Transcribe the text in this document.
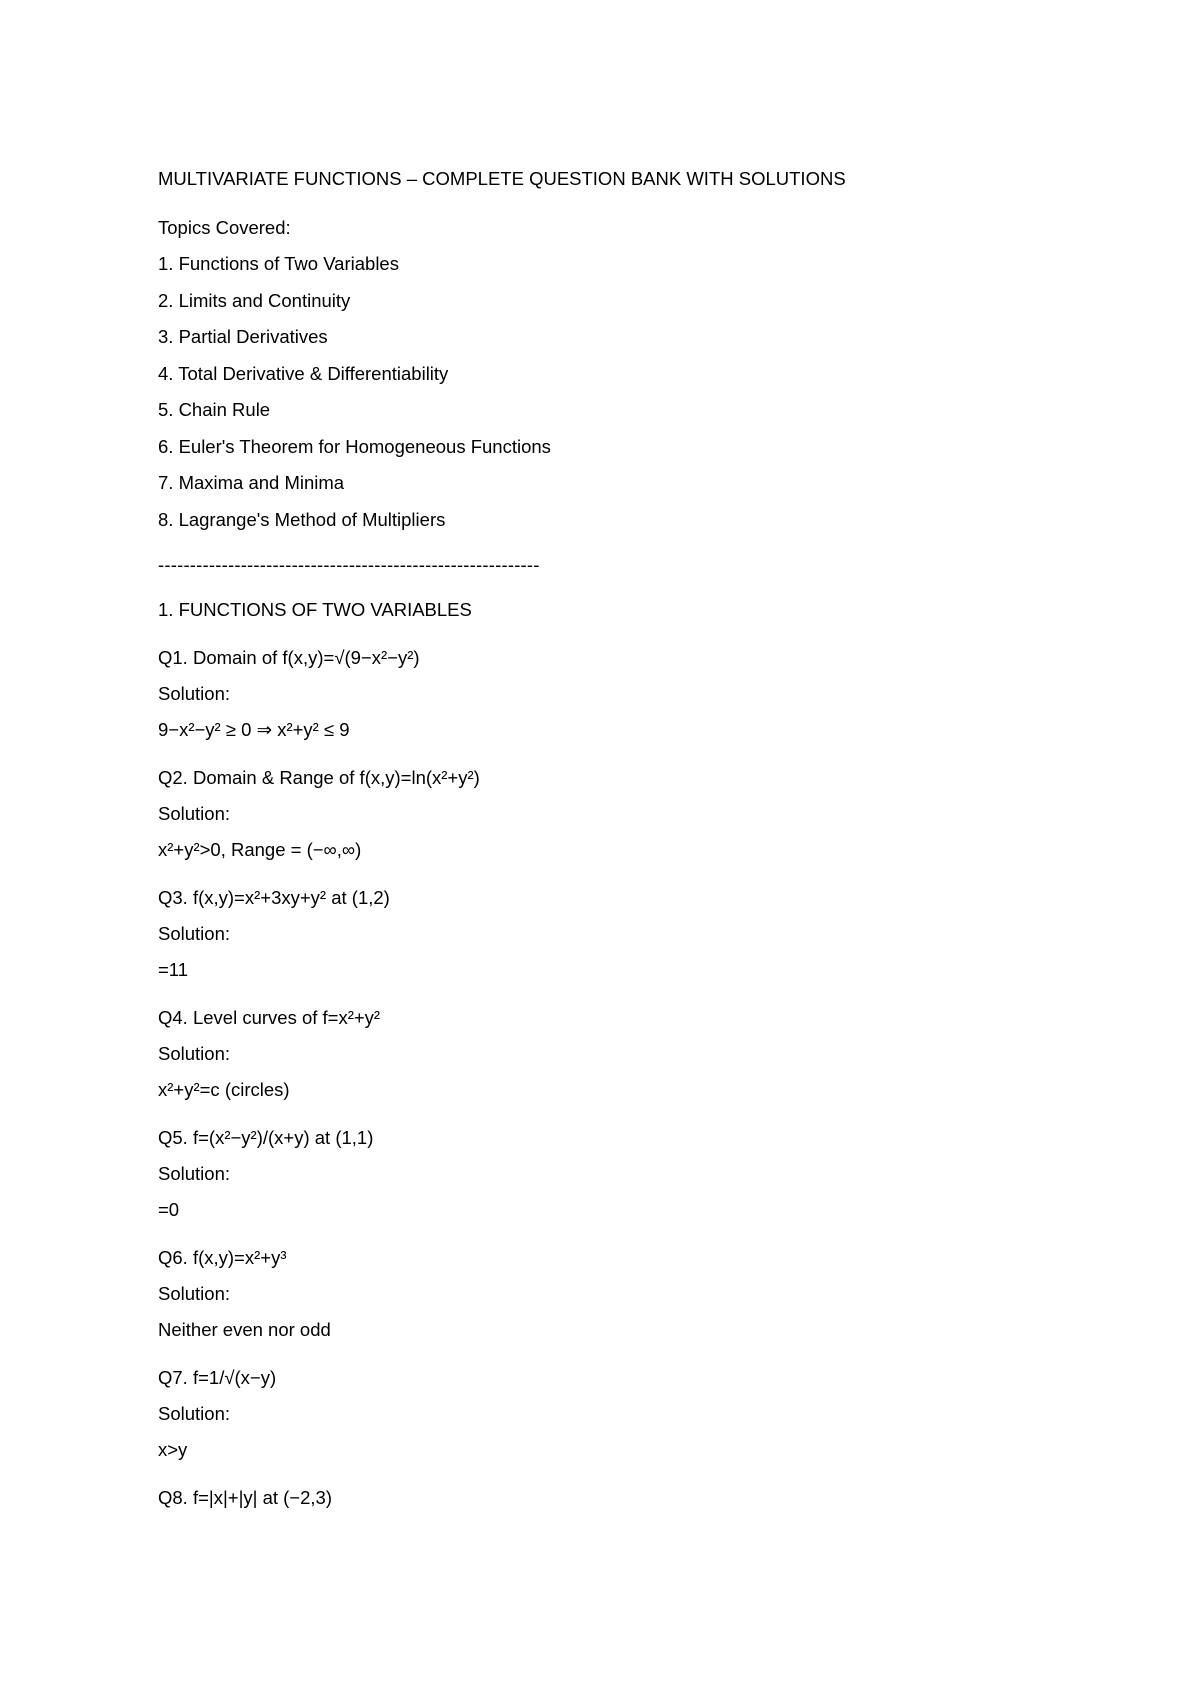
MULTIVARIATE FUNCTIONS – COMPLETE QUESTION BANK WITH SOLUTIONS

Topics Covered:

1. Functions of Two Variables

2. Limits and Continuity

3. Partial Derivatives

4. Total Derivative & Differentiability

5. Chain Rule

6. Euler's Theorem for Homogeneous Functions

7. Maxima and Minima

8. Lagrange's Method of Multipliers

------------------------------------------------------------

1. FUNCTIONS OF TWO VARIABLES

Q1. Domain of f(x,y)=√(9−x²−y²)

Solution:

9−x²−y² ≥ 0 ⇒ x²+y² ≤ 9

Q2. Domain & Range of f(x,y)=ln(x²+y²)

Solution:

x²+y²>0, Range = (−∞,∞)

Q3. f(x,y)=x²+3xy+y² at (1,2)

Solution:

=11

Q4. Level curves of f=x²+y²

Solution:

x²+y²=c (circles)

Q5. f=(x²−y²)/(x+y) at (1,1)

Solution:

=0

Q6. f(x,y)=x²+y³

Solution:

Neither even nor odd

Q7. f=1/√(x−y)

Solution:

x>y

Q8. f=|x|+|y| at (−2,3)
